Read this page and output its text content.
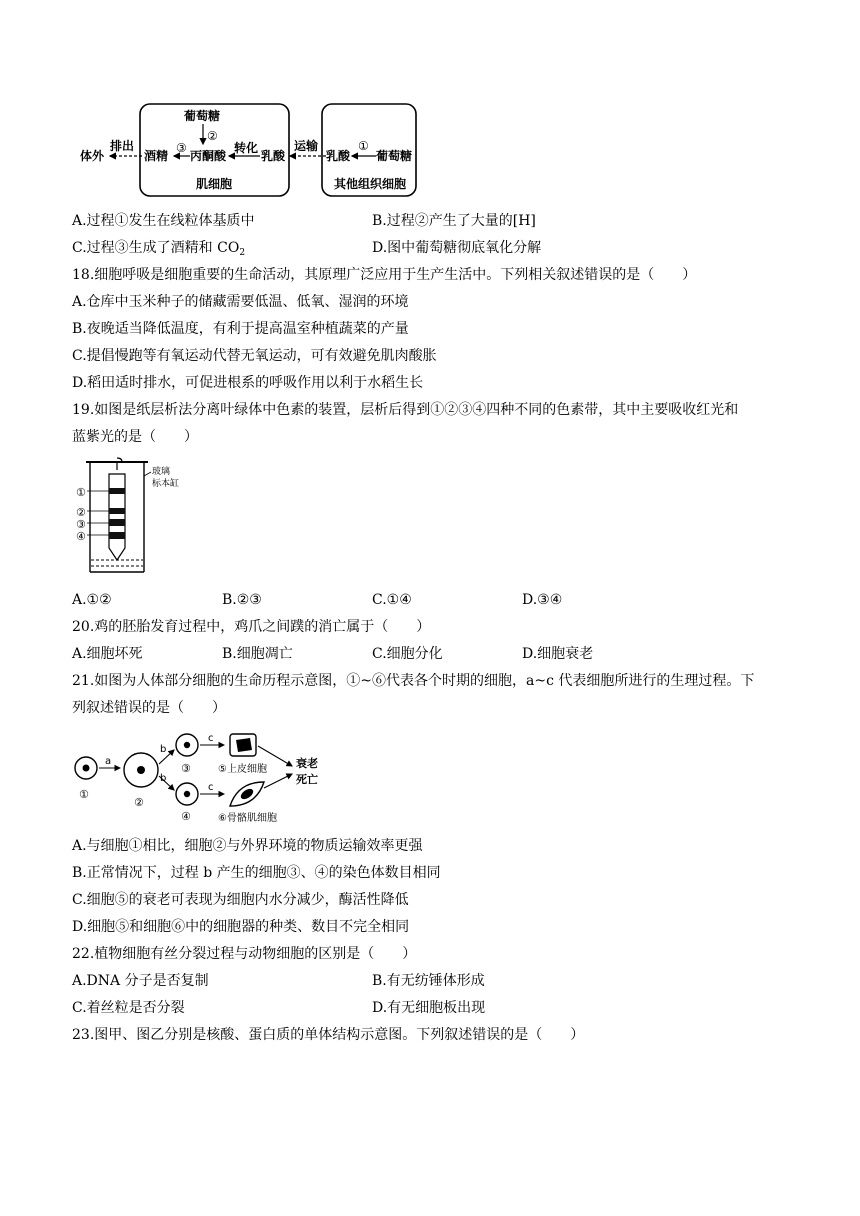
葡萄糖
②
酒精
③
丙酮酸
转化
乳酸
肌细胞
排出
体外
运输
乳酸
①
葡萄糖
其他组织细胞
A.过程①发生在线粒体基质中	B.过程②产生了大量的[H]
C.过程③生成了酒精和 $CO_2$	D.图中葡萄糖彻底氧化分解
18.细胞呼吸是细胞重要的生命活动，其原理广泛应用于生产生活中。下列相关叙述错误的是（　　）
A.仓库中玉米种子的储藏需要低温、低氧、湿润的环境
B.夜晚适当降低温度，有利于提高温室种植蔬菜的产量
C.提倡慢跑等有氧运动代替无氧运动，可有效避免肌肉酸胀
D.稻田适时排水，可促进根系的呼吸作用以利于水稻生长
19.如图是纸层析法分离叶绿体中色素的装置，层析后得到①②③④四种不同的色素带，其中主要吸收红光和
蓝紫光的是（　　）
①
②
③
④
玻璃
标本缸
A.①②	B.②③	C.①④	D.③④
20.鸡的胚胎发育过程中，鸡爪之间蹼的消亡属于（　　）
A.细胞坏死	B.细胞凋亡	C.细胞分化	D.细胞衰老
21.如图为人体部分细胞的生命历程示意图，①~⑥代表各个时期的细胞，a~c 代表细胞所进行的生理过程。下
列叙述错误的是（　　）
①
a
②
b
b
③
④
c
c
⑤上皮细胞
⑥骨骼肌细胞
衰老
死亡
A.与细胞①相比，细胞②与外界环境的物质运输效率更强
B.正常情况下，过程 b 产生的细胞③、④的染色体数目相同
C.细胞⑤的衰老可表现为细胞内水分减少，酶活性降低
D.细胞⑤和细胞⑥中的细胞器的种类、数目不完全相同
22.植物细胞有丝分裂过程与动物细胞的区别是（　　）
A.DNA 分子是否复制	B.有无纺锤体形成
C.着丝粒是否分裂	D.有无细胞板出现
23.图甲、图乙分别是核酸、蛋白质的单体结构示意图。下列叙述错误的是（　　）
